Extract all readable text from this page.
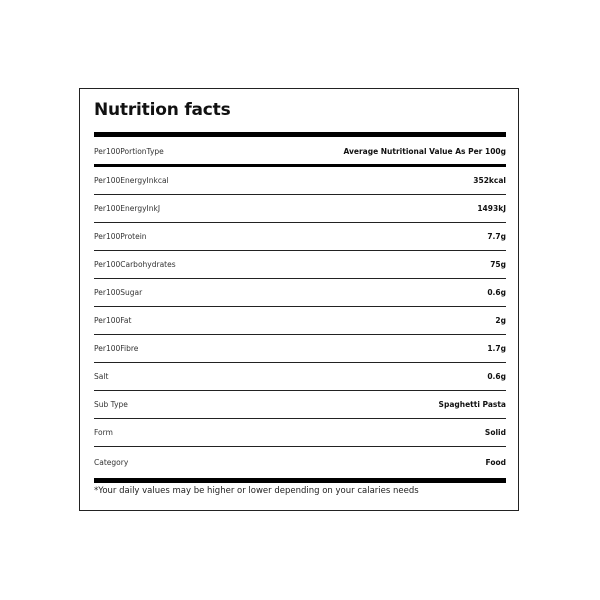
Nutrition facts
Per100PortionType	Average Nutritional Value As Per 100g
Per100EnergyInkcal	352kcal
Per100EnergyInkJ	1493kJ
Per100Protein	7.7g
Per100Carbohydrates	75g
Per100Sugar	0.6g
Per100Fat	2g
Per100Fibre	1.7g
Salt	0.6g
Sub Type	Spaghetti Pasta
Form	Solid
Category	Food
*Your daily values may be higher or lower depending on your calaries needs
